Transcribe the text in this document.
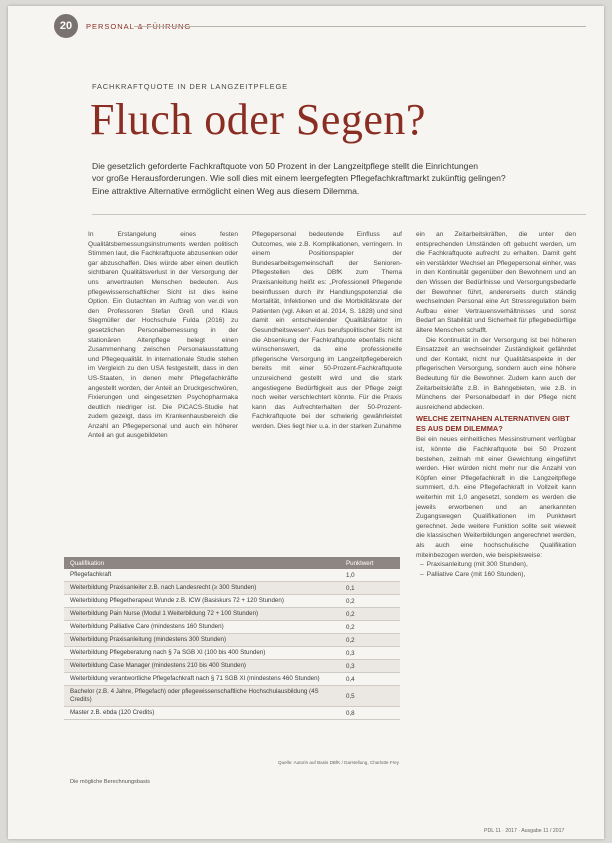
20	PERSONAL & FÜHRUNG
FACHKRAFTQUOTE IN DER LANGZEITPFLEGE
Fluch oder Segen?

Die gesetzlich geforderte Fachkraftquote von 50 Prozent in der Langzeitpflege stellt die Einrichtungen

vor große Herausforderungen. Wie soll dies mit einem leergefegten Pflegefachkraftmarkt zukünftig gelingen?

Eine attraktive Alternative ermöglicht einen Weg aus diesem Dilemma.

In Erstangelung eines festen Qualitätsbemessungsinstruments werden politisch Stimmen laut, die Fachkraftquote abzusenken oder gar abzuschaffen. Dies würde aber einen deutlich sichtbaren Qualitätsverlust in der Versorgung der uns anvertrauten Menschen bedeuten. Aus pflegewissenschaftlicher Sicht ist dies keine Option. Ein Gutachten im Auftrag von ver.di von den Professoren Stefan Greß und Klaus Stegmüller der Hochschule Fulda (2016) zu gesetzlichen Personalbemessung in der stationären Altenpflege belegt einen Zusammenhang zwischen Personalausstattung und Pflegequalität. In internationale Studie stehen im Vergleich zu den USA festgestellt, dass in den US-Staaten, in denen mehr Pflegefachkräfte angestellt worden, der Anteil an Druckgeschwüren, Fixierungen und eingesetzten Psychopharmaka deutlich niedriger ist. Die PiCACS-Studie hat zudem gezeigt, dass im Krankenhausbereich die Anzahl an Pflegepersonal und auch ein höherer Anteil an gut ausgebildeten

Pflegepersonal bedeutende Einfluss auf Outcomes, wie z.B. Komplikationen, verringern. In einem Positionspapier der Bundesarbeitsgemeinschaft der Senioren-Pflegestellen des DBfK zum Thema Praxisanleitung heißt es: „Professionell Pflegende beeinflussen durch ihr Handlungspotenzial die Mortalität, Infektionen und die Morbiditätsrate der Patienten (vgl. Aiken et al. 2014, S. 1828) und sind damit ein entscheidender Qualitätsfaktor im Gesundheitswesen“. Aus berufspolitischer Sicht ist die Absenkung der Fachkraftquote ebenfalls nicht wünschenswert, da eine professionelle pflegerische Versorgung im Langzeitpflegebereich bereits mit einer 50-Prozent-Fachkraftquote unzureichend gestellt wird und die stark angestiegene Bedürftigkeit aus der Pflege zeigt noch weiter verschlechtert könnte. Für die Praxis kann das Aufrechterhalten der 50-Prozent-Fachkraftquote bei der schwierig gewährleistet werden. Dies liegt hier u.a. in der starken Zunahme

ein an Zeitarbeitskräften, die unter den entsprechenden Umständen oft gebucht werden, um die Fachkraftquote aufrecht zu erhalten. Damit geht ein verstärkter Wechsel an Pflegepersonal einher, was in den Kontinuität gegenüber den Bewohnern und an den Wissen der Bedürfnisse und Versorgungsbedarfe der Bewohner führt, andererseits durch ständig wechselnden Personal eine Art Stressregulation beim Aufbau einer Vertrauensverhältnisses und sonst Bedarf an Stabilität und Sicherheit für pflegebedürftige ältere Menschen schafft.

Die Kontinuität in der Versorgung ist bei höheren Einsatzzeit an wechselnder Zuständigkeit gefährdet und der Kontakt, nicht nur Qualitätsaspekte in der pflegerischen Versorgung, sondern auch eine höhere Bedeutung für die Bewohner. Zudem kann auch der Zeitarbeitskräfte z.B. in Bahngebieten, wie z.B. in Münchens der Personalbedarf in der Pflege nicht ausreichend abdecken.

WELCHE ZEITNAHEN ALTERNATIVEN GIBT ES AUS DEM DILEMMA?

Bei ein neues einheitliches Messinstrument verfügbar ist, könnte die Fachkraftquote bei 50 Prozent bestehen, zeitnah mit einer Gewichtung eingeführt werden. Hier würden nicht mehr nur die Anzahl von Köpfen einer Pflegefachkraft in die Langzeitpflege summiert, d.h. eine Pflegefachkraft in Vollzeit kann weiterhin mit 1,0 angesetzt, sondern es werden die jeweils erworbenen und an anerkannten Zugangswegen Qualifikationen im Punktwert gerechnet. Jede weitere Funktion sollte seit wieweit die klassischen Weiterbildungen angerechnet werden, als auch eine hochschulische Qualifikation miteinbezogen werden, wie beispielsweise:

– Praxisanleitung (mit 300 Stunden),
– Palliative Care (mit 160 Stunden),
Qualifikation	Punktwert
Pflegefachkraft	1,0
Weiterbildung Praxisanleiter z.B. nach Landesrecht (≥ 300 Stunden)	0,1
Weiterbildung Pflegetherapeut Wunde z.B. ICW (Basiskurs 72 + 120 Stunden)	0,2
Weiterbildung Pain Nurse (Modul 1 Weiterbildung 72 + 100 Stunden)	0,2
Weiterbildung Palliative Care (mindestens 160 Stunden)	0,2
Weiterbildung Praxisanleitung (mindestens 300 Stunden)	0,2
Weiterbildung Pflegeberatung nach § 7a SGB XI (100 bis 400 Stunden)	0,3
Weiterbildung Case Manager (mindestens 210 bis 400 Stunden)	0,3
Weiterbildung verantwortliche Pflegefachkraft nach § 71 SGB XI (mindestens 460 Stunden)	0,4
Bachelor (z.B. 4 Jahre, Pflegefach) oder pflegewissenschaftliche Hochschulausbildung (4S Credits)	0,5
Master z.B. ebda (120 Credits)	0,8
Quelle: Autorin auf Basis DBfK / Darstellung, Charlotte Frey
Die mögliche Berechnungsbasis
PDL 11 · 2017 · Ausgabe 11 / 2017
